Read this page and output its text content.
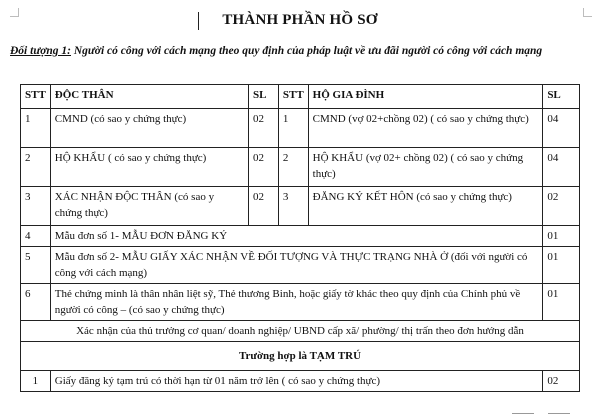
THÀNH PHẦN HỒ SƠ
Đối tượng 1: Người có công với cách mạng theo quy định của pháp luật về ưu đãi người có công với cách mạng
STT	ĐỘC THÂN	SL	STT	HỘ GIA ĐÌNH	SL
1	CMND (có sao y chứng thực)	02	1	CMND (vợ 02+chồng 02) ( có sao y chứng thực)	04
2	HỘ KHẨU ( có sao y chứng thực)	02	2	HỘ KHẨU (vợ 02+ chồng 02) ( có sao y chứng thực)	04
3	XÁC NHẬN ĐỘC THÂN (có sao y chứng thực)	02	3	ĐĂNG KÝ KẾT HÔN (có sao y chứng thực)	02
4	Mẫu đơn số 1- MẪU ĐƠN ĐĂNG KÝ				01
5	Mẫu đơn số 2- MẪU GIẤY XÁC NHẬN VỀ ĐỐI TƯỢNG VÀ THỰC TRẠNG NHÀ Ở (đối với người có công với cách mạng)				01
6	Thẻ chứng minh là thân nhân liệt sỹ, Thẻ thương Binh, hoặc giấy tờ khác theo quy định của Chính phủ về người có công – (có sao y chứng thực)				01
Xác nhận của thủ trưởng cơ quan/ doanh nghiệp/ UBND cấp xã/ phường/ thị trấn theo đơn hướng dẫn					
Trường hợp là TẠM TRÚ					
1	Giấy đăng ký tạm trú có thời hạn từ 01 năm trở lên ( có sao y chứng thực)				02
